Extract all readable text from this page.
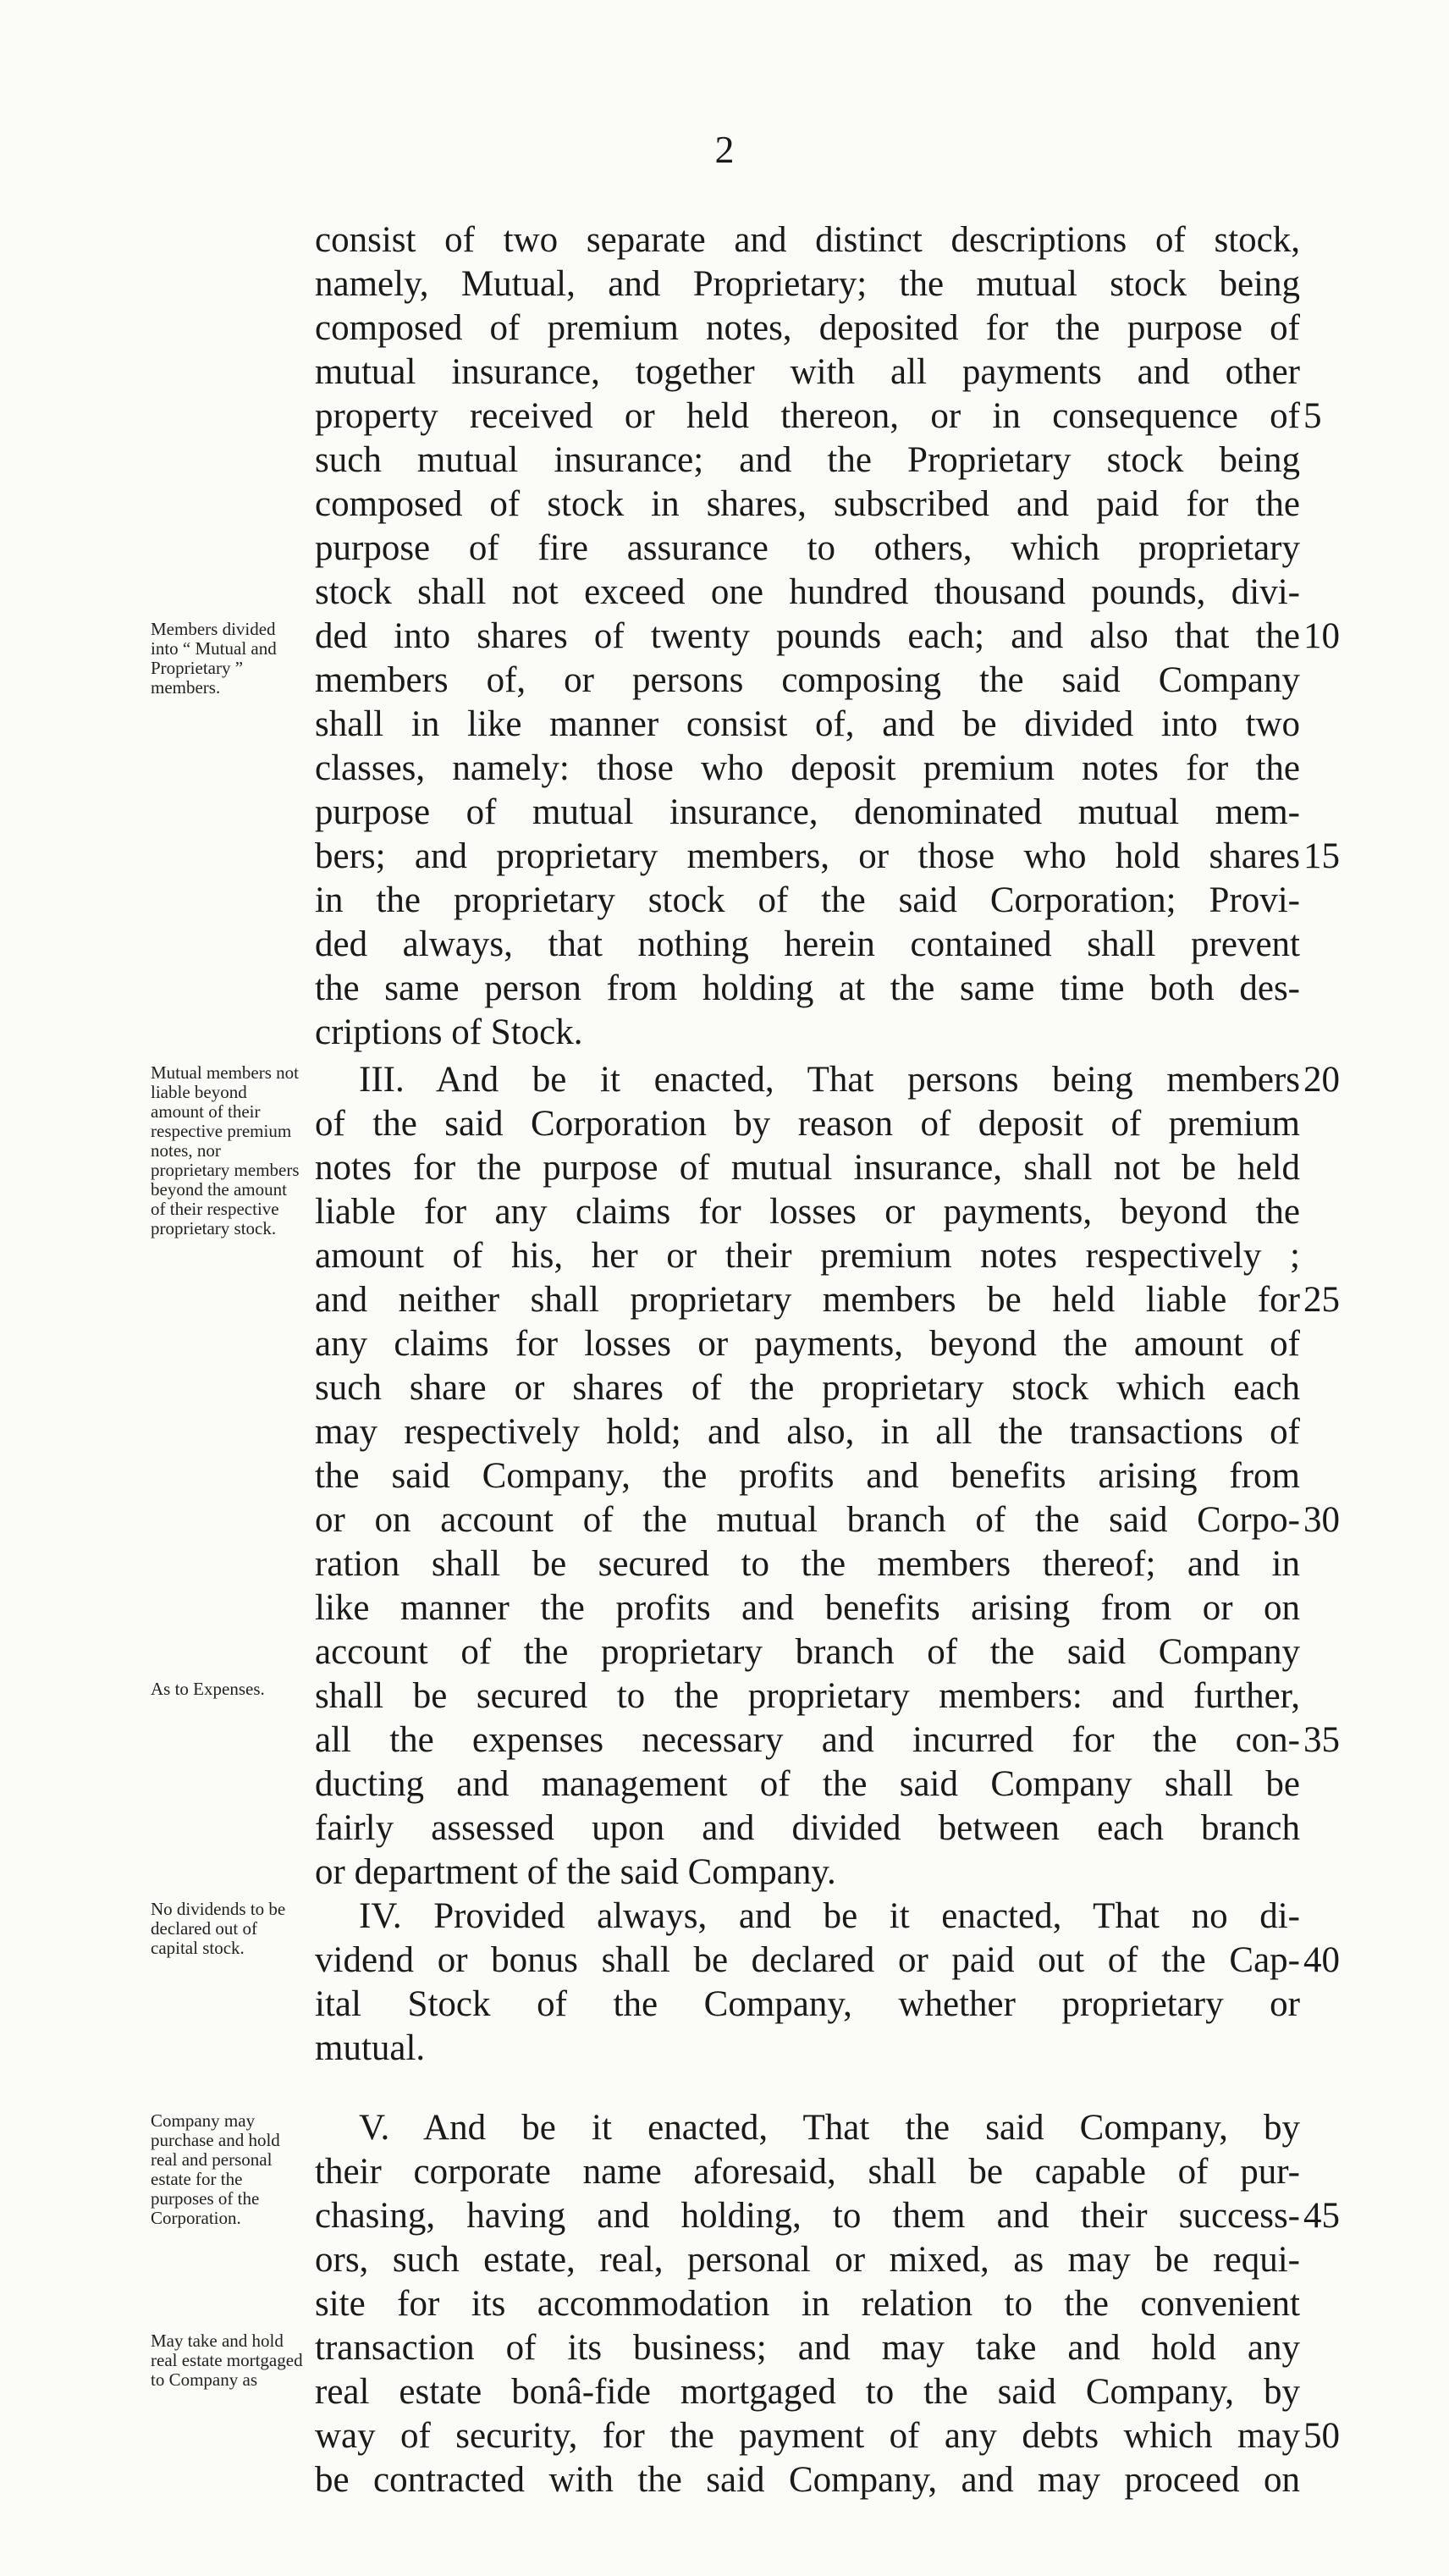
2
consist of two separate and distinct descriptions of stock,
namely, Mutual, and Proprietary; the mutual stock being
composed of premium notes, deposited for the purpose of
mutual insurance, together with all payments and other
property received or held thereon, or in consequence of 5
such mutual insurance; and the Proprietary stock being
composed of stock in shares, subscribed and paid for the
purpose of fire assurance to others, which proprietary
stock shall not exceed one hundred thousand pounds, divi-
ded into shares of twenty pounds each; and also that the 10
members of, or persons composing the said Company
shall in like manner consist of, and be divided into two
classes, namely: those who deposit premium notes for the
purpose of mutual insurance, denominated mutual mem-
bers; and proprietary members, or those who hold shares 15
in the proprietary stock of the said Corporation; Provi-
ded always, that nothing herein contained shall prevent
the same person from holding at the same time both des-
criptions of Stock.
Members divided into “ Mutual and Proprietary ” members.
III. And be it enacted, That persons being members 20
of the said Corporation by reason of deposit of premium
notes for the purpose of mutual insurance, shall not be held
liable for any claims for losses or payments, beyond the
amount of his, her or their premium notes respectively ;
and neither shall proprietary members be held liable for 25
any claims for losses or payments, beyond the amount of
such share or shares of the proprietary stock which each
may respectively hold; and also, in all the transactions of
the said Company, the profits and benefits arising from
or on account of the mutual branch of the said Corpo- 30
ration shall be secured to the members thereof; and in
like manner the profits and benefits arising from or on
account of the proprietary branch of the said Company
shall be secured to the proprietary members: and further,
all the expenses necessary and incurred for the con- 35
ducting and management of the said Company shall be
fairly assessed upon and divided between each branch
or department of the said Company.
Mutual members not liable beyond amount of their respective premium notes, nor proprietary members beyond the amount of their respective proprietary stock.
As to Expenses.
IV. Provided always, and be it enacted, That no di-
vidend or bonus shall be declared or paid out of the Cap- 40
ital Stock of the Company, whether proprietary or
mutual.
No dividends to be declared out of capital stock.
V. And be it enacted, That the said Company, by
their corporate name aforesaid, shall be capable of pur-
chasing, having and holding, to them and their success- 45
ors, such estate, real, personal or mixed, as may be requi-
site for its accommodation in relation to the convenient
transaction of its business; and may take and hold any
real estate bonâ-fide mortgaged to the said Company, by
way of security, for the payment of any debts which may 50
be contracted with the said Company, and may proceed on
Company may purchase and hold real and personal estate for the purposes of the Corporation.
May take and hold real estate mortgaged to Company as
